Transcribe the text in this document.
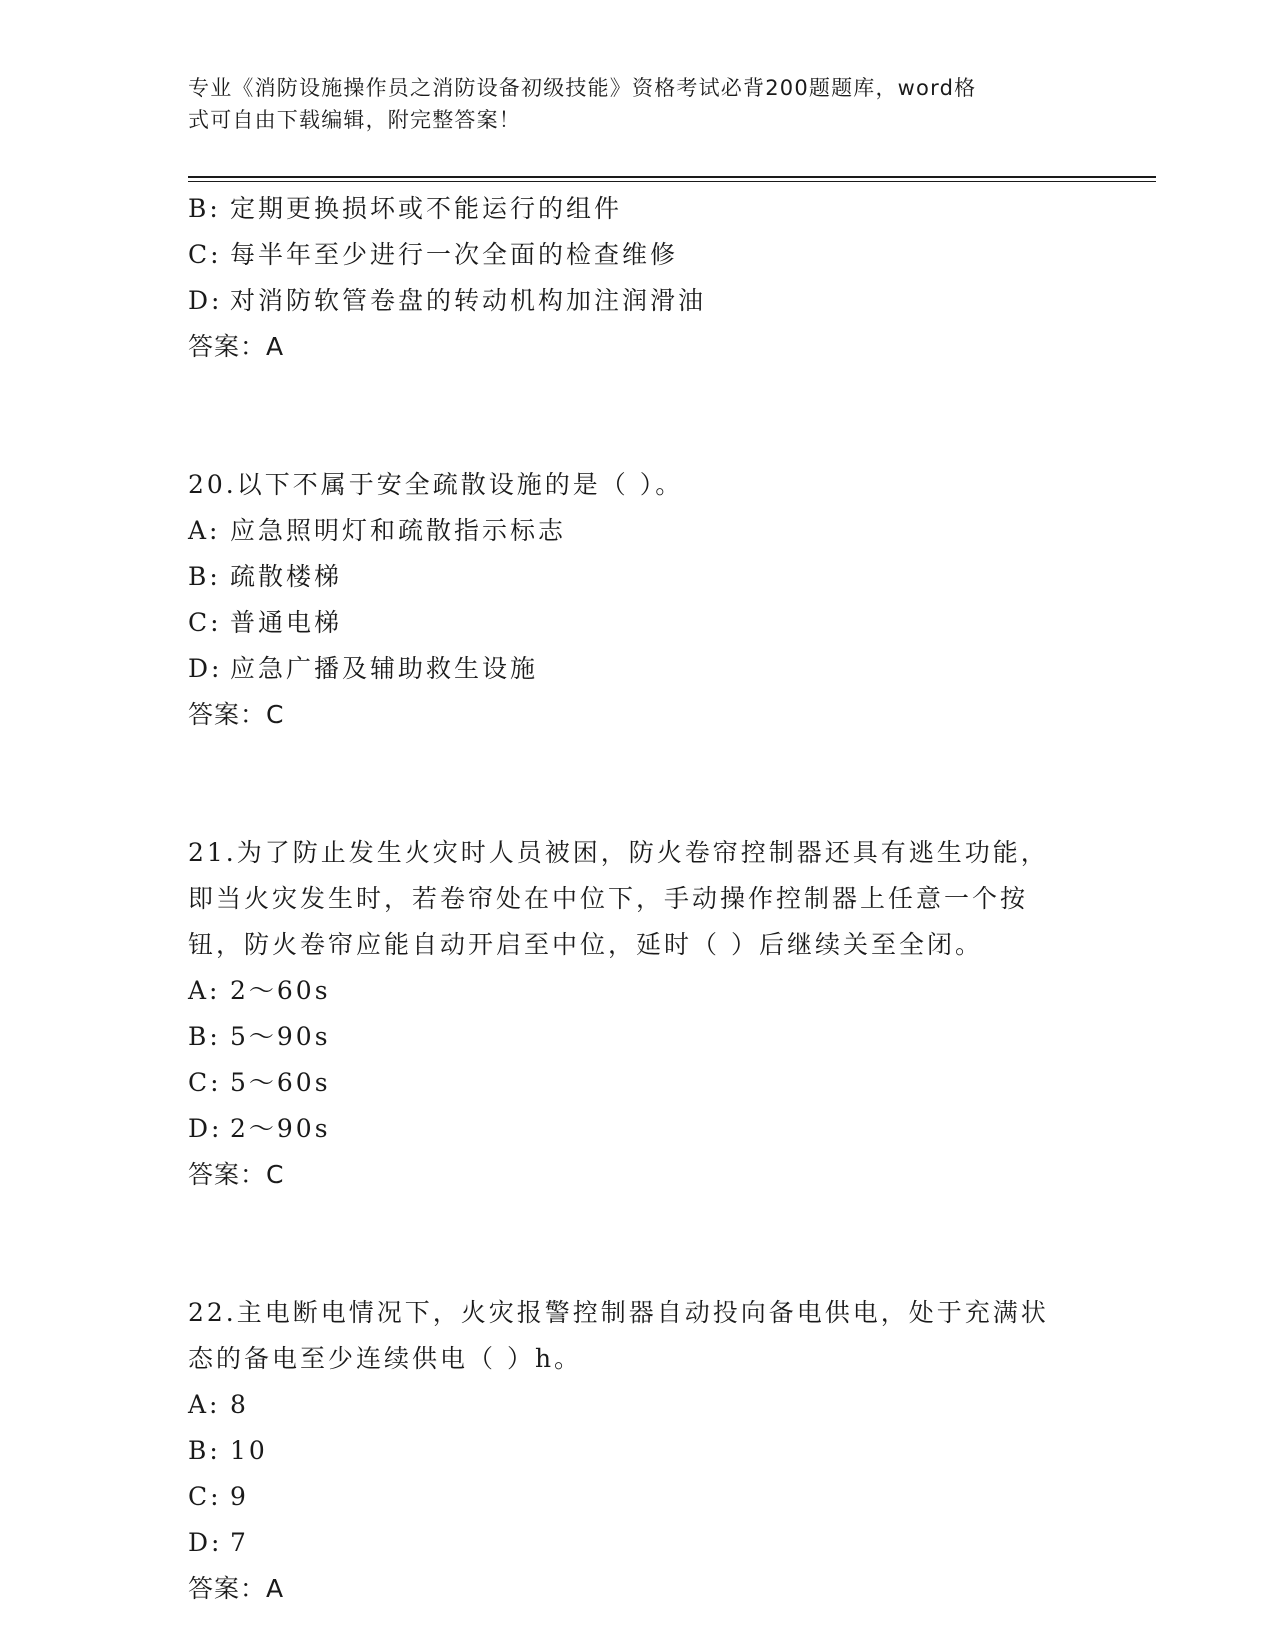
专业《消防设施操作员之消防设备初级技能》资格考试必背200题题库，word格
式可自由下载编辑，附完整答案！
B: 定期更换损坏或不能运行的组件
C: 每半年至少进行一次全面的检查维修
D: 对消防软管卷盘的转动机构加注润滑油
答案：A
20.以下不属于安全疏散设施的是（ ）。
A: 应急照明灯和疏散指示标志
B: 疏散楼梯
C: 普通电梯
D: 应急广播及辅助救生设施
答案：C
21.为了防止发生火灾时人员被困，防火卷帘控制器还具有逃生功能，
即当火灾发生时，若卷帘处在中位下，手动操作控制器上任意一个按
钮，防火卷帘应能自动开启至中位，延时（ ）后继续关至全闭。
A: 2～60s
B: 5～90s
C: 5～60s
D: 2～90s
答案：C
22.主电断电情况下，火灾报警控制器自动投向备电供电，处于充满状
态的备电至少连续供电（ ）h。
A: 8
B: 10
C: 9
D: 7
答案：A
